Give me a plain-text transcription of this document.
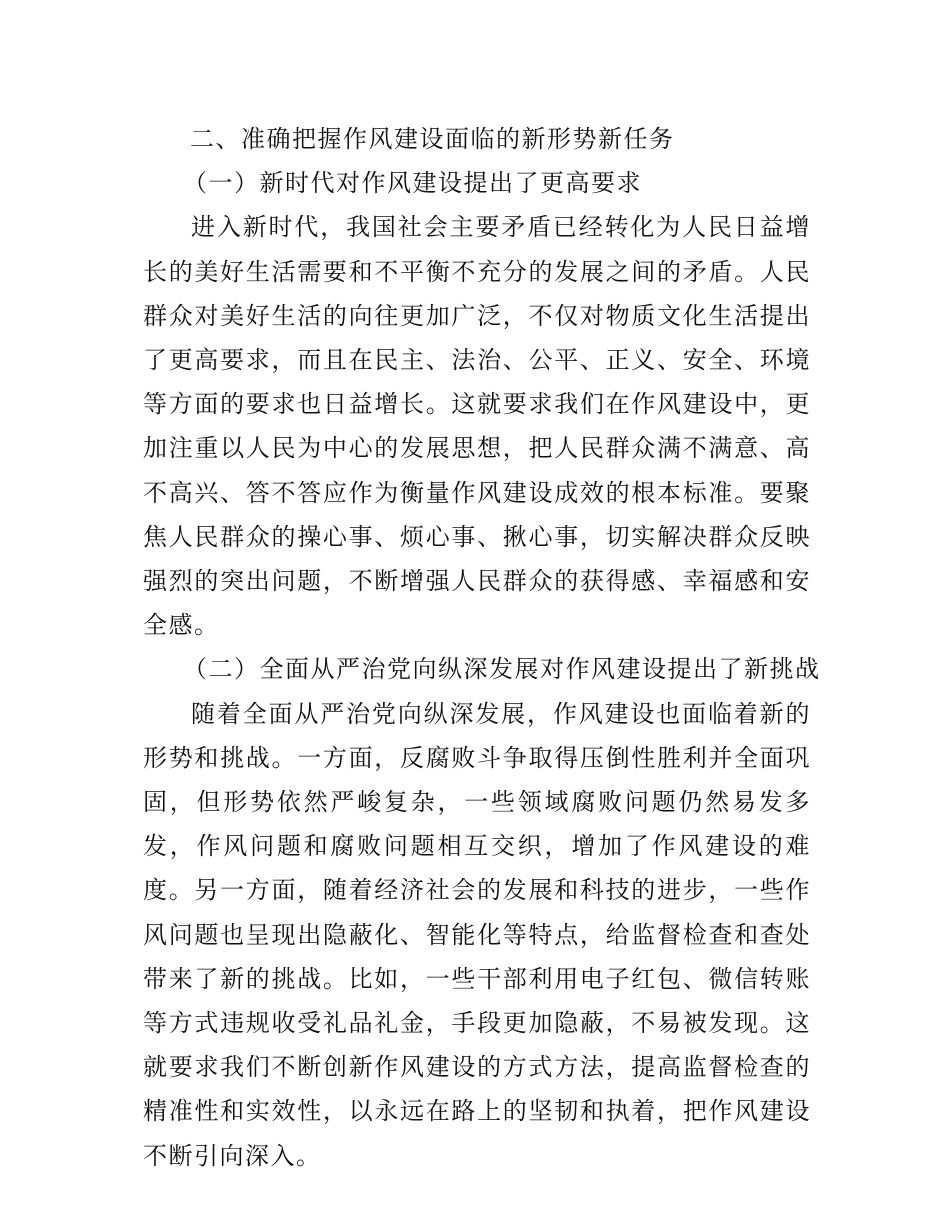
二、准确把握作风建设面临的新形势新任务
（一）新时代对作风建设提出了更高要求

进入新时代，我国社会主要矛盾已经转化为人民日益增长的美好生活需要和不平衡不充分的发展之间的矛盾。人民群众对美好生活的向往更加广泛，不仅对物质文化生活提出了更高要求，而且在民主、法治、公平、正义、安全、环境等方面的要求也日益增长。这就要求我们在作风建设中，更加注重以人民为中心的发展思想，把人民群众满不满意、高不高兴、答不答应作为衡量作风建设成效的根本标准。要聚焦人民群众的操心事、烦心事、揪心事，切实解决群众反映强烈的突出问题，不断增强人民群众的获得感、幸福感和安全感。

（二）全面从严治党向纵深发展对作风建设提出了新挑战

随着全面从严治党向纵深发展，作风建设也面临着新的形势和挑战。一方面，反腐败斗争取得压倒性胜利并全面巩固，但形势依然严峻复杂，一些领域腐败问题仍然易发多发，作风问题和腐败问题相互交织，增加了作风建设的难度。另一方面，随着经济社会的发展和科技的进步，一些作风问题也呈现出隐蔽化、智能化等特点，给监督检查和查处带来了新的挑战。比如，一些干部利用电子红包、微信转账等方式违规收受礼品礼金，手段更加隐蔽，不易被发现。这就要求我们不断创新作风建设的方式方法，提高监督检查的精准性和实效性，以永远在路上的坚韧和执着，把作风建设不断引向深入。
